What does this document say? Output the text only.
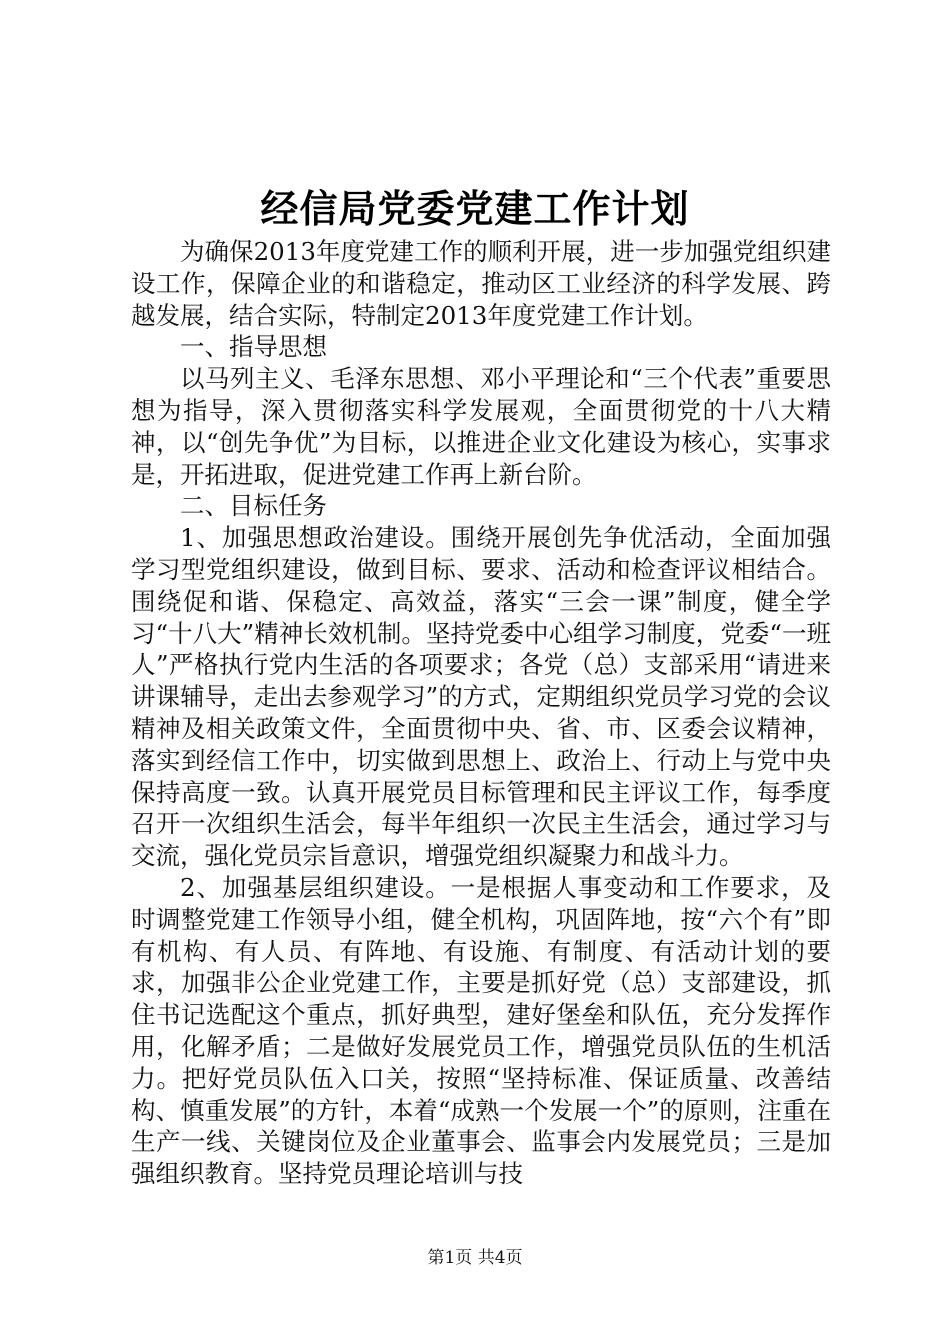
经信局党委党建工作计划

为确保2013年度党建工作的顺利开展，进一步加强党组织建设工作，保障企业的和谐稳定，推动区工业经济的科学发展、跨越发展，结合实际，特制定2013年度党建工作计划。

一、指导思想

以马列主义、毛泽东思想、邓小平理论和“三个代表”重要思想为指导，深入贯彻落实科学发展观，全面贯彻党的十八大精神，以“创先争优”为目标，以推进企业文化建设为核心，实事求是，开拓进取，促进党建工作再上新台阶。

二、目标任务

1、加强思想政治建设。围绕开展创先争优活动，全面加强学习型党组织建设，做到目标、要求、活动和检查评议相结合。围绕促和谐、保稳定、高效益，落实“三会一课”制度，健全学习“十八大”精神长效机制。坚持党委中心组学习制度，党委“一班人”严格执行党内生活的各项要求；各党（总）支部采用“请进来讲课辅导，走出去参观学习”的方式，定期组织党员学习党的会议精神及相关政策文件，全面贯彻中央、省、市、区委会议精神，落实到经信工作中，切实做到思想上、政治上、行动上与党中央保持高度一致。认真开展党员目标管理和民主评议工作，每季度召开一次组织生活会，每半年组织一次民主生活会，通过学习与交流，强化党员宗旨意识，增强党组织凝聚力和战斗力。

2、加强基层组织建设。一是根据人事变动和工作要求，及时调整党建工作领导小组，健全机构，巩固阵地，按“六个有”即有机构、有人员、有阵地、有设施、有制度、有活动计划的要求，加强非公企业党建工作，主要是抓好党（总）支部建设，抓住书记选配这个重点，抓好典型，建好堡垒和队伍，充分发挥作用，化解矛盾；二是做好发展党员工作，增强党员队伍的生机活力。把好党员队伍入口关，按照“坚持标准、保证质量、改善结构、慎重发展”的方针，本着“成熟一个发展一个”的原则，注重在生产一线、关键岗位及企业董事会、监事会内发展党员；三是加强组织教育。坚持党员理论培训与技

第1页 共4页
